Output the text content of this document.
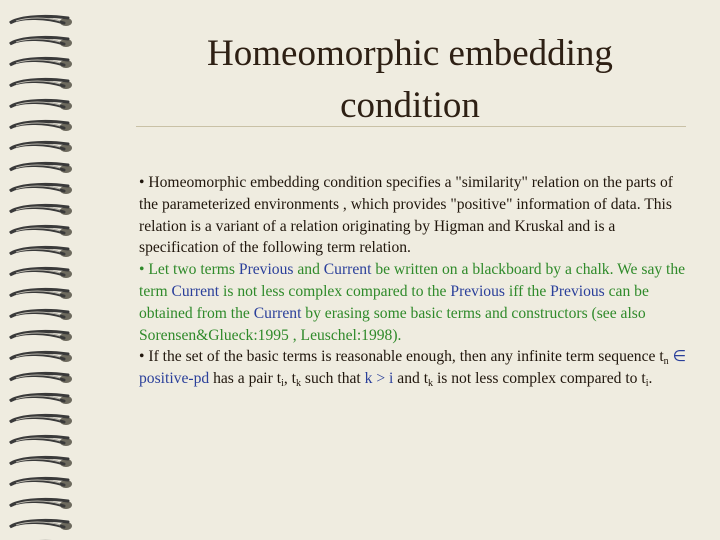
Homeomorphic embedding
condition
• Homeomorphic embedding condition specifies a "similarity" relation on the parts of the parameterized environments , which provides "positive" information of data. This relation is a variant of a relation originating by Higman and Kruskal and is a specification of the following term relation.
• Let two terms Previous and Current be written on a blackboard by a chalk. We say the term Current is not less complex compared to the Previous iff the Previous can be obtained from the Current by erasing some basic terms and constructors (see also Sorensen&Glueck:1995 , Leuschel:1998).
• If the set of the basic terms is reasonable enough, then any infinite term sequence $t_n$ ∈ positive-pd has a pair $t_i$, $t_k$ such that k > i and $t_k$ is not less complex compared to $t_i$.
